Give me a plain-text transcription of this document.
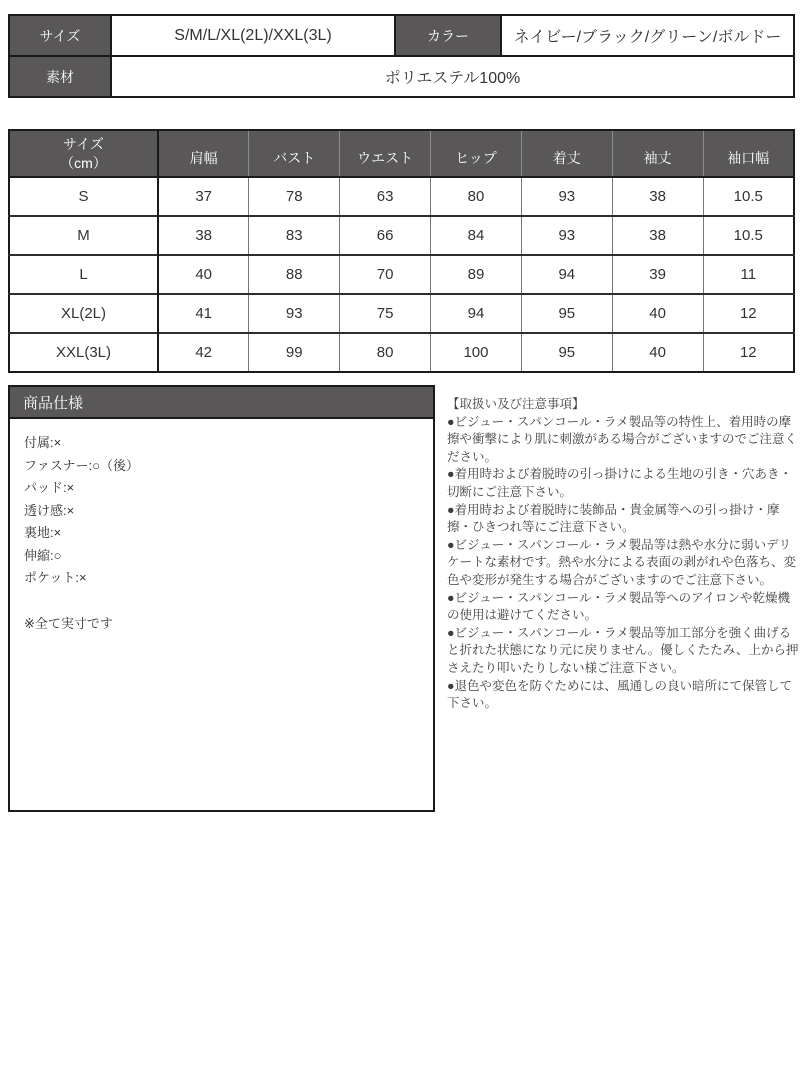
サイズ	S/M/L/XL(2L)/XXL(3L)	カラー	ネイビー/ブラック/グリーン/ボルドー
素材	ポリエステル100%		
サイズ
（cm）	肩幅	バスト	ウエスト	ヒップ	着丈	袖丈	袖口幅

S	37	78	63	80	93	38	10.5
M	38	83	66	84	93	38	10.5
L	40	88	70	89	94	39	11
XL(2L)	41	93	75	94	95	40	12
XXL(3L)	42	99	80	100	95	40	12
商品仕様
付属:×
ファスナー:○（後）
パッド:×
透け感:×
裏地:×
伸縮:○
ポケット:×
※全て実寸です
【取扱い及び注意事項】
●ビジュー・スパンコール・ラメ製品等の特性上、着用時の摩擦や衝撃により肌に刺激がある場合がございますのでご注意ください。
●着用時および着脱時の引っ掛けによる生地の引き・穴あき・切断にご注意下さい。
●着用時および着脱時に装飾品・貴金属等への引っ掛け・摩擦・ひきつれ等にご注意下さい。
●ビジュー・スパンコール・ラメ製品等は熱や水分に弱いデリケートな素材です。熱や水分による表面の剥がれや色落ち、変色や変形が発生する場合がございますのでご注意下さい。
●ビジュー・スパンコール・ラメ製品等へのアイロンや乾燥機の使用は避けてください。
●ビジュー・スパンコール・ラメ製品等加工部分を強く曲げると折れた状態になり元に戻りません。優しくたたみ、上から押さえたり叩いたりしない様ご注意下さい。
●退色や変色を防ぐためには、風通しの良い暗所にて保管して下さい。
